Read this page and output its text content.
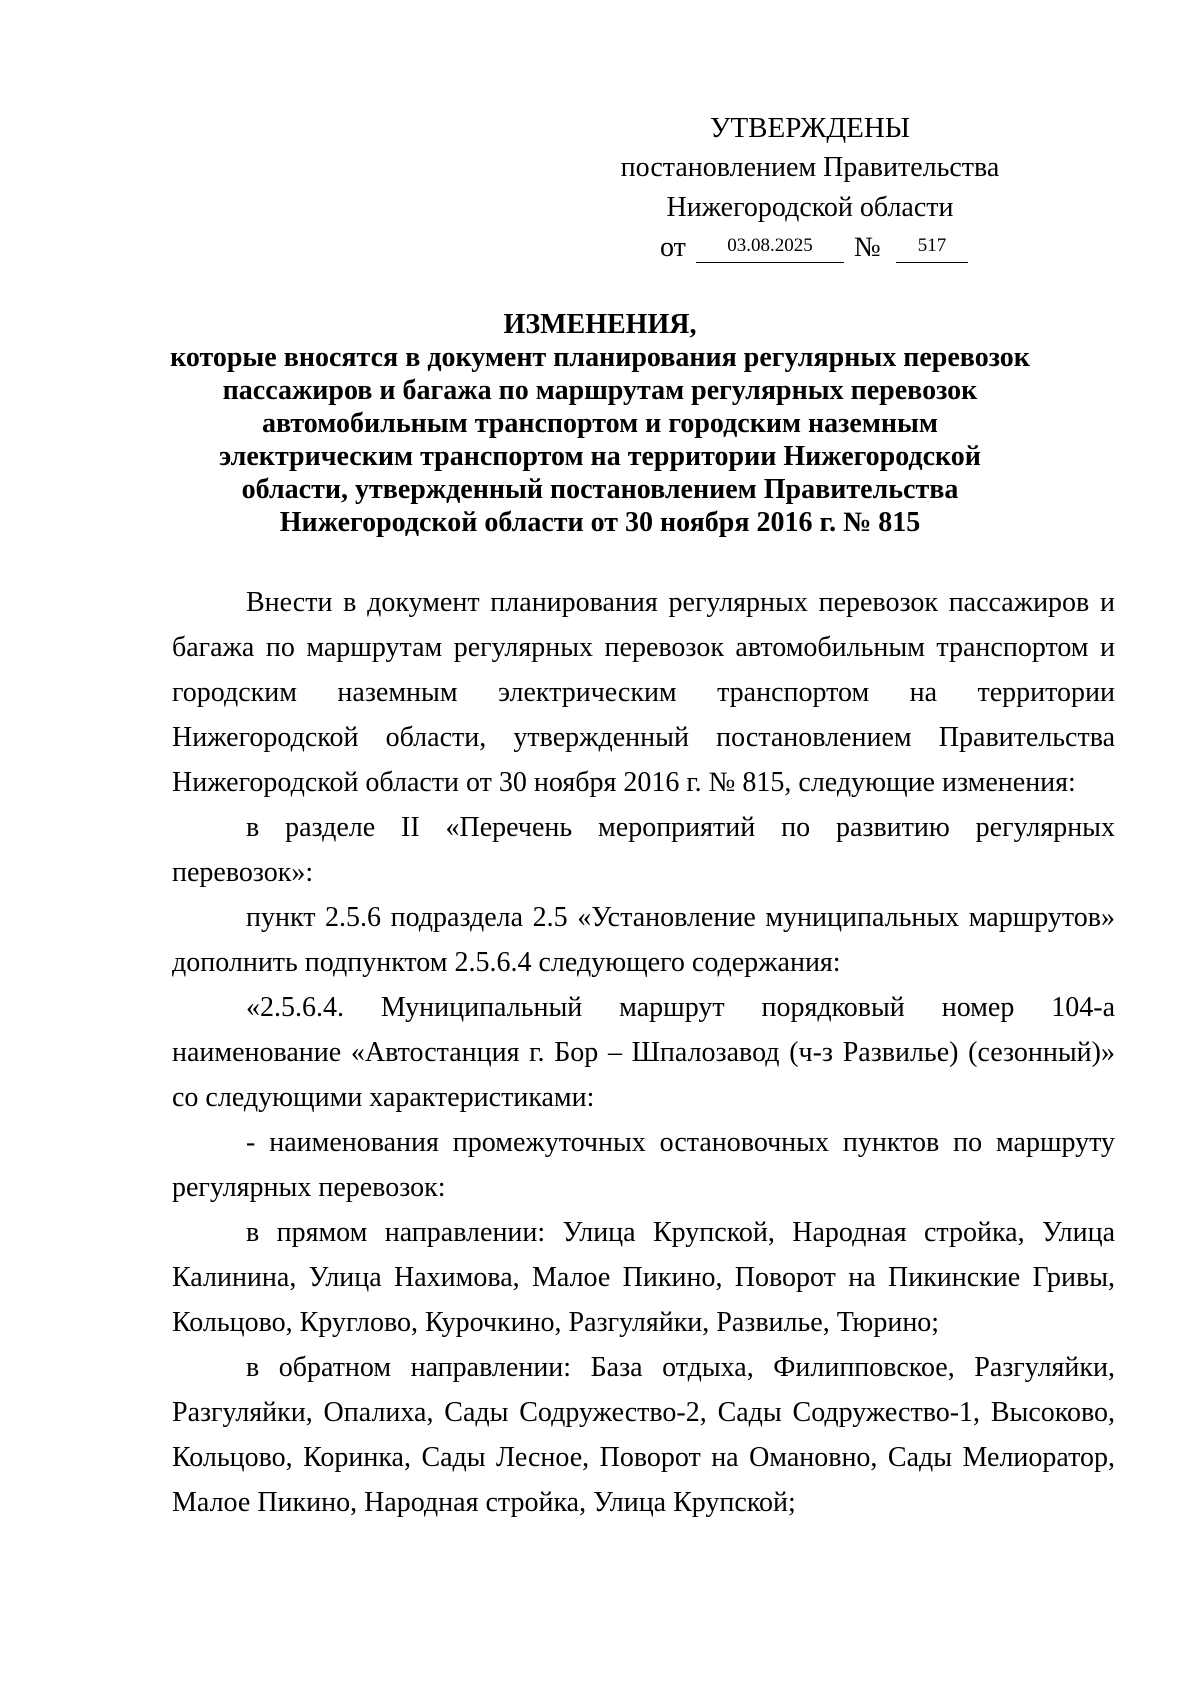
УТВЕРЖДЕНЫ
постановлением Правительства
Нижегородской области
от	03.08.2025	№	517
ИЗМЕНЕНИЯ,
которые вносятся в документ планирования регулярных перевозок
пассажиров и багажа по маршрутам регулярных перевозок
автомобильным транспортом и городским наземным
электрическим транспортом на территории Нижегородской
области, утвержденный постановлением Правительства
Нижегородской области от 30 ноября 2016 г. № 815

Внести в документ планирования регулярных перевозок пассажиров и багажа по маршрутам регулярных перевозок автомобильным транспортом и городским наземным электрическим транспортом на территории Нижегородской области, утвержденный постановлением Правительства Нижегородской области от 30 ноября 2016 г. № 815, следующие изменения:

в разделе II «Перечень мероприятий по развитию регулярных перевозок»:

пункт 2.5.6 подраздела 2.5 «Установление муниципальных маршрутов» дополнить подпунктом 2.5.6.4 следующего содержания:

«2.5.6.4. Муниципальный маршрут порядковый номер 104-а наименование «Автостанция г. Бор – Шпалозавод (ч-з Развилье) (сезонный)» со следующими характеристиками:

- наименования промежуточных остановочных пунктов по маршруту регулярных перевозок:

в прямом направлении: Улица Крупской, Народная стройка, Улица Калинина, Улица Нахимова, Малое Пикино, Поворот на Пикинские Гривы, Кольцово, Круглово, Курочкино, Разгуляйки, Развилье, Тюрино;

в обратном направлении: База отдыха, Филипповское, Разгуляйки, Разгуляйки, Опалиха, Сады Содружество-2, Сады Содружество-1, Высоково, Кольцово, Коринка, Сады Лесное, Поворот на Омановно, Сады Мелиоратор, Малое Пикино, Народная стройка, Улица Крупской;
